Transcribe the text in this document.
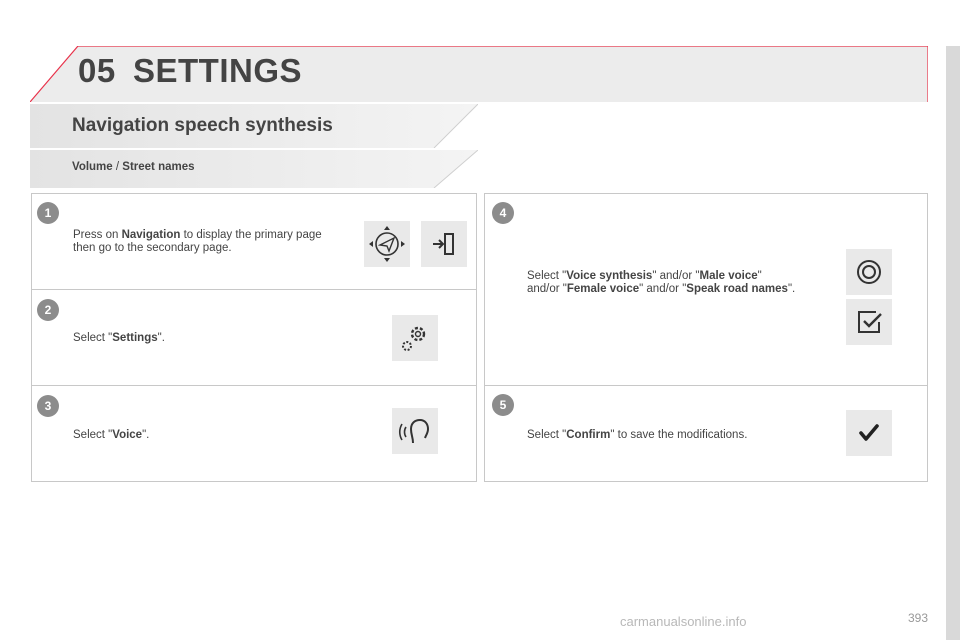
05 SETTINGS
Navigation speech synthesis
Volume / Street names
1
Press on Navigation to display the primary page then go to the secondary page.
2
Select "Settings".
3
Select "Voice".
4
Select "Voice synthesis" and/or "Male voice" and/or "Female voice" and/or "Speak road names".
5
Select "Confirm" to save the modifications.
carmanualsonline.info	393
